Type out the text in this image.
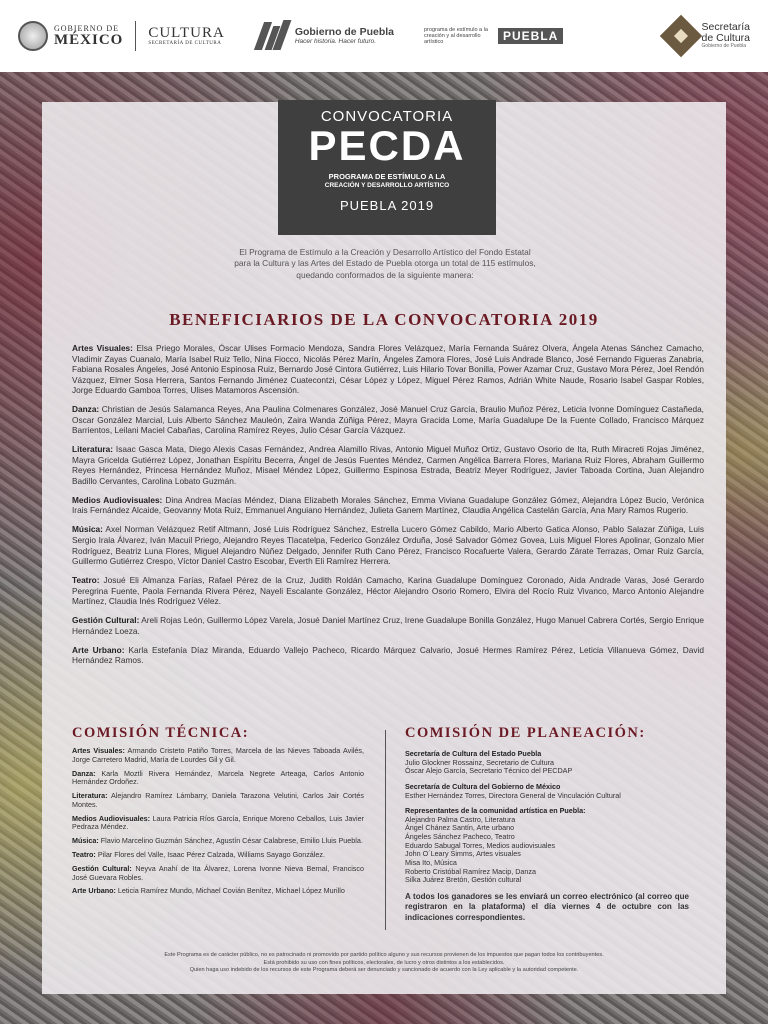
GOBIERNO DE
MÉXICO CULTURA
SECRETARÍA DE CULTURA
Gobierno de Puebla
Hacer historia. Hacer futuro.
programa de estímulo a la creación y al desarrollo artístico	PUEBLA
Secretaría
de Cultura
Gobierno de Puebla
CONVOCATORIA
PECDA
PROGRAMA DE ESTÍMULO A LA
CREACIÓN Y DESARROLLO ARTÍSTICO
PUEBLA 2019
El Programa de Estímulo a la Creación y Desarrollo Artístico del Fondo Estatal
para la Cultura y las Artes del Estado de Puebla otorga un total de 115 estímulos,
quedando conformados de la siguiente manera:
BENEFICIARIOS DE LA CONVOCATORIA 2019

Artes Visuales: Elsa Priego Morales, Óscar Ulises Formacio Mendoza, Sandra Flores Velázquez, María Fernanda Suárez Olvera, Ángela Atenas Sánchez Camacho, Vladimir Zayas Cuanalo, María Isabel Ruiz Tello, Nina Fiocco, Nicolás Pérez Marín, Ángeles Zamora Flores, José Luis Andrade Blanco, José Fernando Figueras Zanabria, Fabiana Rosales Ángeles, José Antonio Espinosa Ruiz, Bernardo José Cintora Gutiérrez, Luis Hilario Tovar Bonilla, Power Azamar Cruz, Gustavo Mora Pérez, Joel Rendón Vázquez, Elmer Sosa Herrera, Santos Fernando Jiménez Cuatecontzi, César López y López, Miguel Pérez Ramos, Adrián White Naude, Rosario Isabel Gaspar Robles, Jorge Eduardo Gamboa Torres, Ulises Matamoros Ascensión.

Danza: Christian de Jesús Salamanca Reyes, Ana Paulina Colmenares González, José Manuel Cruz García, Braulio Muñoz Pérez, Leticia Ivonne Domínguez Castañeda, Oscar González Marcial, Luis Alberto Sánchez Mauleón, Zaira Wanda Zúñiga Pérez, Mayra Gracida Lome, María Guadalupe De la Fuente Collado, Francisco Márquez Barrientos, Leilani Maciel Cabañas, Carolina Ramírez Reyes, Julio César García Vázquez.

Literatura: Isaac Gasca Mata, Diego Alexis Casas Fernández, Andrea Alamillo Rivas, Antonio Miguel Muñoz Ortiz, Gustavo Osorio de Ita, Ruth Miracreti Rojas Jiménez, Mayra Gricelda Gutiérrez López, Jonathan Espíritu Becerra, Ángel de Jesús Fuentes Méndez, Carmen Angélica Barrera Flores, Mariana Ruiz Flores, Abraham Guillermo Reyes Hernández, Princesa Hernández Muñoz, Misael Méndez López, Guillermo Espinosa Estrada, Beatriz Meyer Rodríguez, Javier Taboada Cortina, Juan Alejandro Badillo Cervantes, Carolina Lobato Guzmán.

Medios Audiovisuales: Dina Andrea Macías Méndez, Diana Elizabeth Morales Sánchez, Emma Viviana Guadalupe González Gómez, Alejandra López Bucio, Verónica Irais Fernández Alcaide, Geovanny Mota Ruiz, Emmanuel Anguiano Hernández, Julieta Ganem Martínez, Claudia Angélica Castelán García, Ana Mary Ramos Rugerio.

Música: Axel Norman Velázquez Retif Altmann, José Luis Rodríguez Sánchez, Estrella Lucero Gómez Cabildo, Mario Alberto Gatica Alonso, Pablo Salazar Zúñiga, Luis Sergio Irala Álvarez, Iván Macuil Priego, Alejandro Reyes Tlacatelpa, Federico González Orduña, José Salvador Gómez Govea, Luis Miguel Flores Apolinar, Gonzalo Mier Rodríguez, Beatriz Luna Flores, Miguel Alejandro Núñez Delgado, Jennifer Ruth Cano Pérez, Francisco Rocafuerte Valera, Gerardo Zárate Terrazas, Omar Ruiz García, Guillermo Gutiérrez Crespo, Víctor Daniel Castro Escobar, Everth Eli Ramírez Herrera.

Teatro: Josué Eli Almanza Farías, Rafael Pérez de la Cruz, Judith Roldán Camacho, Karina Guadalupe Domínguez Coronado, Aida Andrade Varas, José Gerardo Peregrina Fuente, Paola Fernanda Rivera Pérez, Nayeli Escalante González, Héctor Alejandro Osorio Romero, Elvira del Rocío Ruiz Vivanco, Marco Antonio Alejandre Martínez, Claudia Inés Rodríguez Vélez.

Gestión Cultural: Areli Rojas León, Guillermo López Varela, Josué Daniel Martínez Cruz, Irene Guadalupe Bonilla González, Hugo Manuel Cabrera Cortés, Sergio Enrique Hernández Loeza.

Arte Urbano: Karla Estefanía Díaz Miranda, Eduardo Vallejo Pacheco, Ricardo Márquez Calvario, Josué Hermes Ramírez Pérez, Leticia Villanueva Gómez, David Hernández Ramos.

COMISIÓN TÉCNICA:	COMISIÓN DE PLANEACIÓN:

Artes Visuales: Armando Cristeto Patiño Torres, Marcela de las Nieves Taboada Avilés, Jorge Carretero Madrid, María de Lourdes Gil y Gil.

Danza: Karla Moztli Rivera Hernández, Marcela Negrete Arteaga, Carlos Antonio Hernández Ordoñez.

Literatura: Alejandro Ramírez Lámbarry, Daniela Tarazona Velutini, Carlos Jair Cortés Montes.

Medios Audiovisuales: Laura Patricia Ríos García, Enrique Moreno Ceballos, Luis Javier Pedraza Méndez.

Música: Flavio Marcelino Guzmán Sánchez, Agustín César Calabrese, Emilio Lluis Puebla.

Teatro: Pilar Flores del Valle, Isaac Pérez Calzada, Williams Sayago González.

Gestión Cultural: Neyva Anahí de Ita Álvarez, Lorena Ivonne Nieva Bernal, Francisco José Guevara Robles.

Arte Urbano: Leticia Ramírez Mundo, Michael Covián Benítez, Michael López Murillo

Secretaría de Cultura del Estado Puebla
Julio Glockner Rossainz, Secretario de Cultura
Óscar Alejo García, Secretario Técnico del PECDAP
Secretaría de Cultura del Gobierno de México
Esther Hernández Torres, Directora General de Vinculación Cultural
Representantes de la comunidad artística en Puebla:
Alejandro Palma Castro, Literatura
Ángel Chánez Santín, Arte urbano
Ángeles Sánchez Pacheco, Teatro
Eduardo Sabugal Torres, Medios audiovisuales
John O´Leary Simms, Artes visuales
Misa Ito, Música
Roberto Cristóbal Ramírez Macip, Danza
Silka Juárez Bretón, Gestión cultural

A todos los ganadores se les enviará un correo electrónico (al correo que registraron en la plataforma) el día viernes 4 de octubre con las indicaciones correspondientes.

Este Programa es de carácter público, no es patrocinado ni promovido por partido político alguno y sus recursos provienen de los impuestos que pagan todos los contribuyentes.
Está prohibido su uso con fines políticos, electorales, de lucro y otros distintos a los establecidos.
Quien haga uso indebido de los recursos de este Programa deberá ser denunciado y sancionado de acuerdo con la Ley aplicable y la autoridad competente.
